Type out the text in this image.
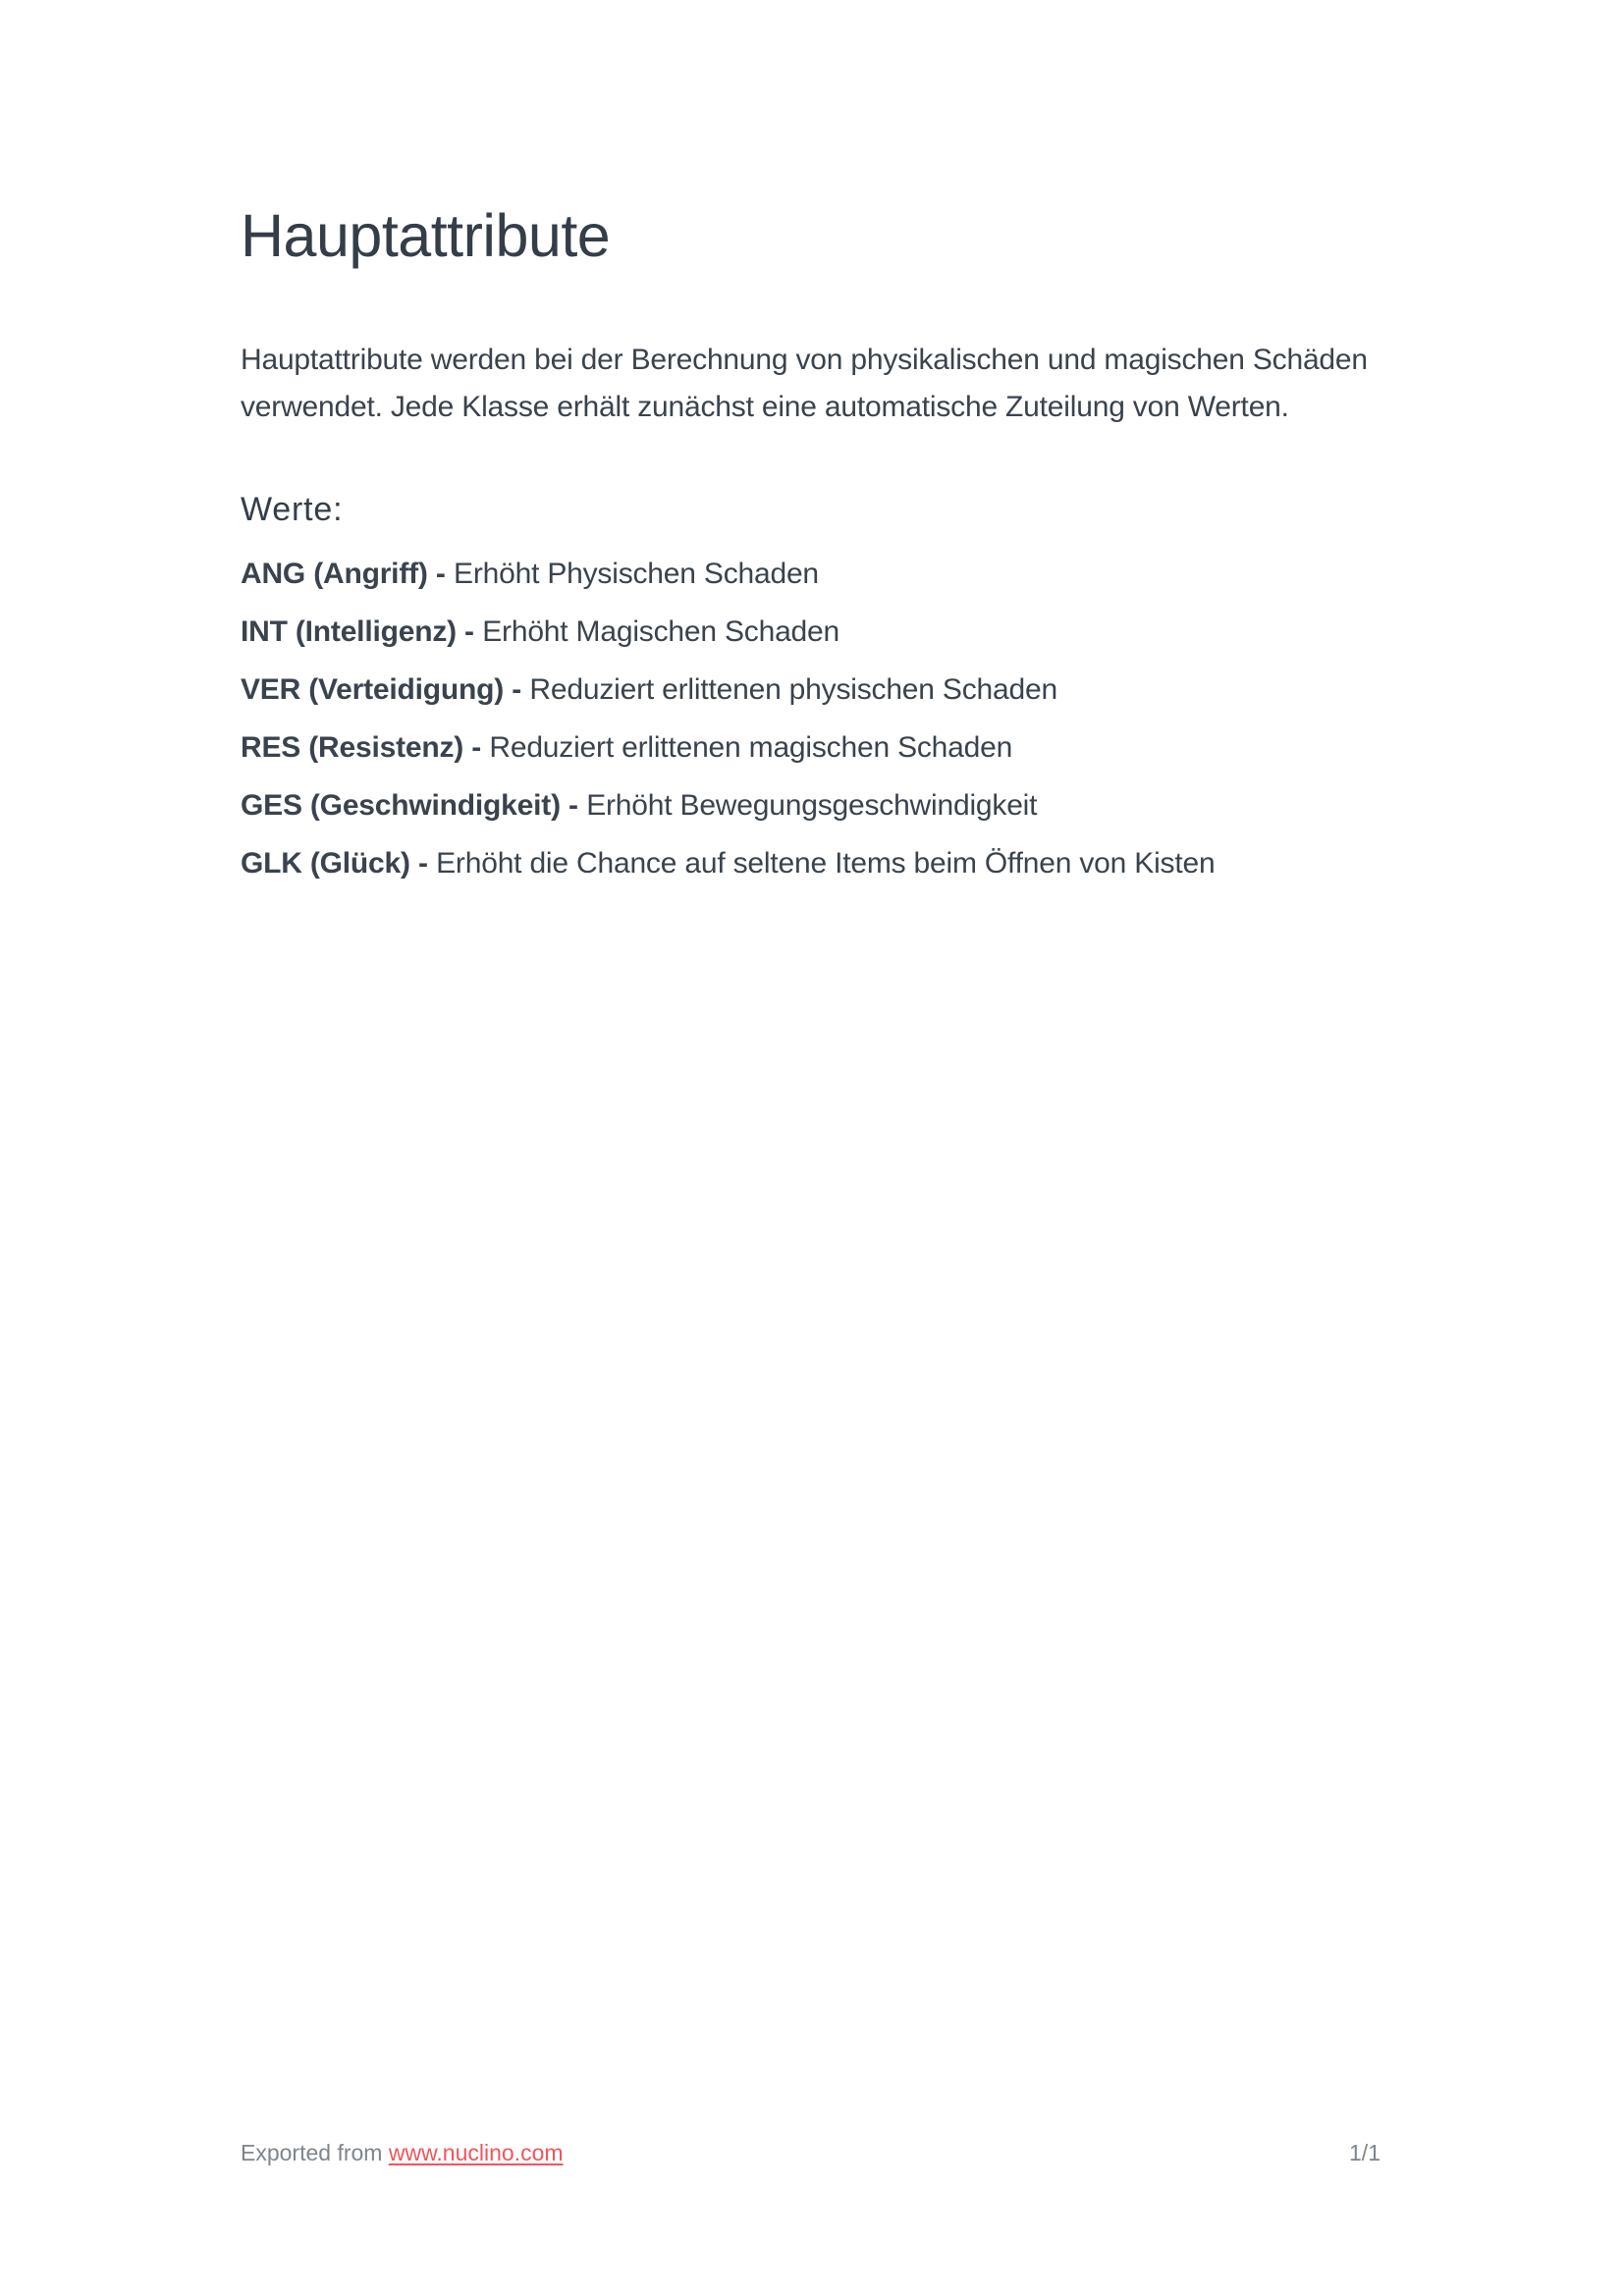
Hauptattribute
Hauptattribute werden bei der Berechnung von physikalischen und magischen Schäden
verwendet. Jede Klasse erhält zunächst eine automatische Zuteilung von Werten.
Werte:
ANG (Angriff) - Erhöht Physischen Schaden
INT (Intelligenz) - Erhöht Magischen Schaden
VER (Verteidigung) - Reduziert erlittenen physischen Schaden
RES (Resistenz) - Reduziert erlittenen magischen Schaden
GES (Geschwindigkeit) - Erhöht Bewegungsgeschwindigkeit
GLK (Glück) - Erhöht die Chance auf seltene Items beim Öffnen von Kisten
Exported from www.nuclino.com	1/1
